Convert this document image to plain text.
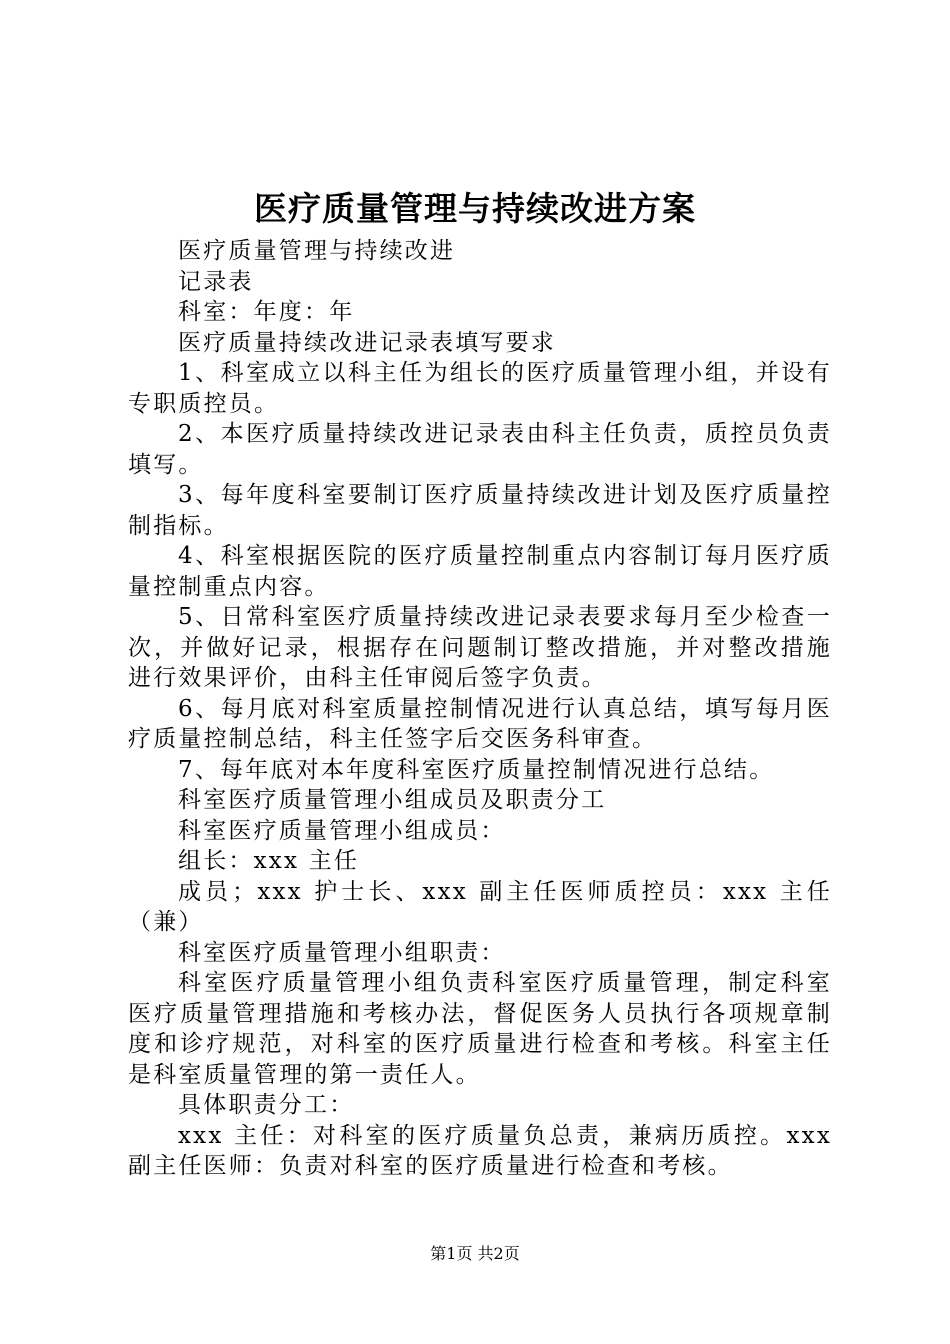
医疗质量管理与持续改进方案

医疗质量管理与持续改进

记录表

科室：年度：年

医疗质量持续改进记录表填写要求

1、科室成立以科主任为组长的医疗质量管理小组，并设有专职质控员。

2、本医疗质量持续改进记录表由科主任负责，质控员负责填写。

3、每年度科室要制订医疗质量持续改进计划及医疗质量控制指标。

4、科室根据医院的医疗质量控制重点内容制订每月医疗质量控制重点内容。

5、日常科室医疗质量持续改进记录表要求每月至少检查一次，并做好记录，根据存在问题制订整改措施，并对整改措施进行效果评价，由科主任审阅后签字负责。

6、每月底对科室质量控制情况进行认真总结，填写每月医疗质量控制总结，科主任签字后交医务科审查。

7、每年底对本年度科室医疗质量控制情况进行总结。

科室医疗质量管理小组成员及职责分工

科室医疗质量管理小组成员：

组长：xxx 主任

成员；xxx 护士长、xxx 副主任医师质控员：xxx 主任（兼）

科室医疗质量管理小组职责：

科室医疗质量管理小组负责科室医疗质量管理，制定科室医疗质量管理措施和考核办法，督促医务人员执行各项规章制度和诊疗规范，对科室的医疗质量进行检查和考核。科室主任是科室质量管理的第一责任人。

具体职责分工：

xxx 主任：对科室的医疗质量负总责，兼病历质控。xxx 副主任医师：负责对科室的医疗质量进行检查和考核。

第1页 共2页
